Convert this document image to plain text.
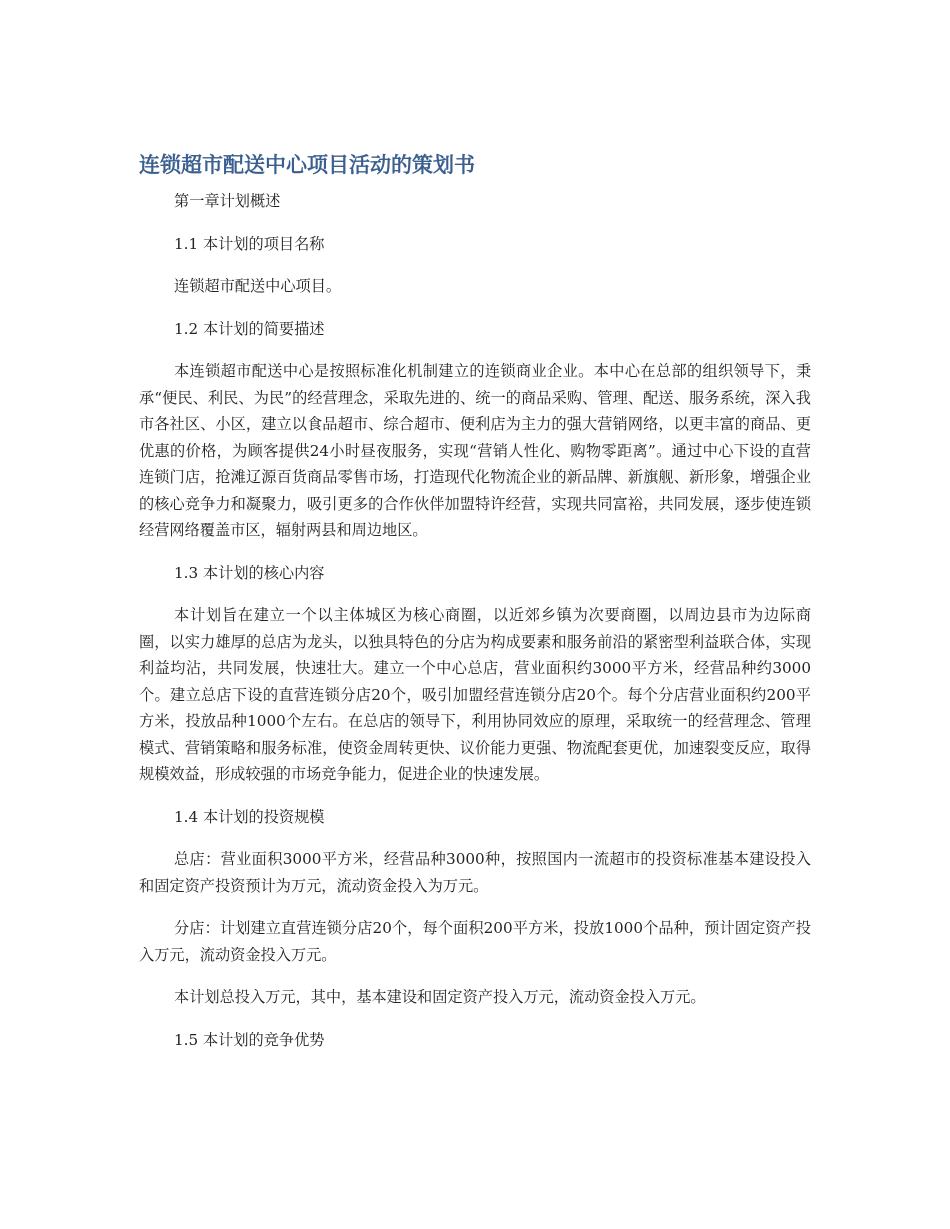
连锁超市配送中心项目活动的策划书
第一章计划概述
1.1 本计划的项目名称
连锁超市配送中心项目。
1.2 本计划的简要描述
本连锁超市配送中心是按照标准化机制建立的连锁商业企业。本中心在总部的组织领导下，秉承“便民、利民、为民”的经营理念，采取先进的、统一的商品采购、管理、配送、服务系统，深入我市各社区、小区，建立以食品超市、综合超市、便利店为主力的强大营销网络，以更丰富的商品、更优惠的价格，为顾客提供24小时昼夜服务，实现“营销人性化、购物零距离”。通过中心下设的直营连锁门店，抢滩辽源百货商品零售市场，打造现代化物流企业的新品牌、新旗舰、新形象，增强企业的核心竞争力和凝聚力，吸引更多的合作伙伴加盟特许经营，实现共同富裕，共同发展，逐步使连锁经营网络覆盖市区，辐射两县和周边地区。
1.3 本计划的核心内容
本计划旨在建立一个以主体城区为核心商圈，以近郊乡镇为次要商圈，以周边县市为边际商圈，以实力雄厚的总店为龙头，以独具特色的分店为构成要素和服务前沿的紧密型利益联合体，实现利益均沾，共同发展，快速壮大。建立一个中心总店，营业面积约3000平方米，经营品种约3000个。建立总店下设的直营连锁分店20个，吸引加盟经营连锁分店20个。每个分店营业面积约200平方米，投放品种1000个左右。在总店的领导下，利用协同效应的原理，采取统一的经营理念、管理模式、营销策略和服务标准，使资金周转更快、议价能力更强、物流配套更优，加速裂变反应，取得规模效益，形成较强的市场竞争能力，促进企业的快速发展。
1.4 本计划的投资规模
总店：营业面积3000平方米，经营品种3000种，按照国内一流超市的投资标准基本建设投入和固定资产投资预计为万元，流动资金投入为万元。
分店：计划建立直营连锁分店20个，每个面积200平方米，投放1000个品种，预计固定资产投入万元，流动资金投入万元。
本计划总投入万元，其中，基本建设和固定资产投入万元，流动资金投入万元。
1.5 本计划的竞争优势
